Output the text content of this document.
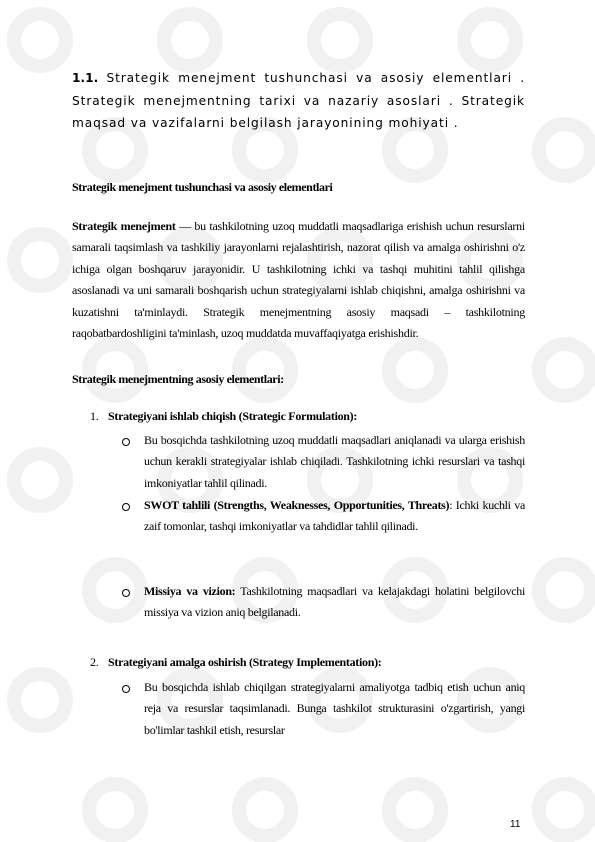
1.1. Strategik menejment tushunchasi va asosiy elementlari . Strategik menejmentning tarixi va nazariy asoslari . Strategik maqsad va vazifalarni belgilash jarayonining mohiyati .
Strategik menejment tushunchasi va asosiy elementlari
Strategik menejment — bu tashkilotning uzoq muddatli maqsadlariga erishish uchun resurslarni samarali taqsimlash va tashkiliy jarayonlarni rejalashtirish, nazorat qilish va amalga oshirishni o'z ichiga olgan boshqaruv jarayonidir. U tashkilotning ichki va tashqi muhitini tahlil qilishga asoslanadi va uni samarali boshqarish uchun strategiyalarni ishlab chiqishni, amalga oshirishni va kuzatishni ta'minlaydi. Strategik menejmentning asosiy maqsadi – tashkilotning raqobatbardoshligini ta'minlash, uzoq muddatda muvaffaqiyatga erishishdir.
Strategik menejmentning asosiy elementlari:
1. Strategiyani ishlab chiqish (Strategic Formulation):
Bu bosqichda tashkilotning uzoq muddatli maqsadlari aniqlanadi va ularga erishish uchun kerakli strategiyalar ishlab chiqiladi. Tashkilotning ichki resurslari va tashqi imkoniyatlar tahlil qilinadi.
SWOT tahlili (Strengths, Weaknesses, Opportunities, Threats): Ichki kuchli va zaif tomonlar, tashqi imkoniyatlar va tahdidlar tahlil qilinadi.
Missiya va vizion: Tashkilotning maqsadlari va kelajakdagi holatini belgilovchi missiya va vizion aniq belgilanadi.
2. Strategiyani amalga oshirish (Strategy Implementation):
Bu bosqichda ishlab chiqilgan strategiyalarni amaliyotga tadbiq etish uchun aniq reja va resurslar taqsimlanadi. Bunga tashkilot strukturasini o'zgartirish, yangi bo'limlar tashkil etish, resurslar
11
